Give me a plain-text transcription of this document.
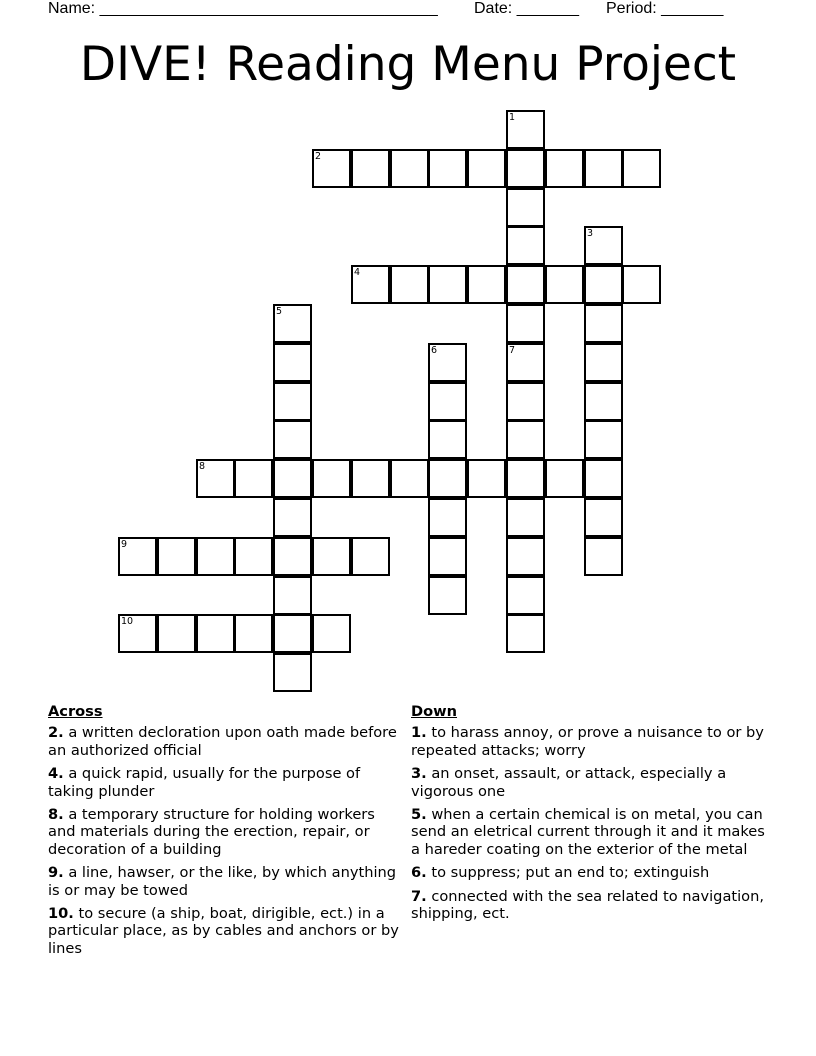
Name: ______________________________________ Date: _______ Period: _______
DIVE! Reading Menu Project
1
2
3
4
5
6	7
8
9
10
Across
2. a written decloration upon oath made before an authorized official
4. a quick rapid, usually for the purpose of taking plunder
8. a temporary structure for holding workers and materials during the erection, repair, or decoration of a building
9. a line, hawser, or the like, by which anything is or may be towed
10. to secure (a ship, boat, dirigible, ect.) in a particular place, as by cables and anchors or by lines
Down
1. to harass annoy, or prove a nuisance to or by repeated attacks; worry
3. an onset, assault, or attack, especially a vigorous one
5. when a certain chemical is on metal, you can send an eletrical current through it and it makes a hareder coating on the exterior of the metal
6. to suppress; put an end to; extinguish
7. connected with the sea related to navigation, shipping, ect.
